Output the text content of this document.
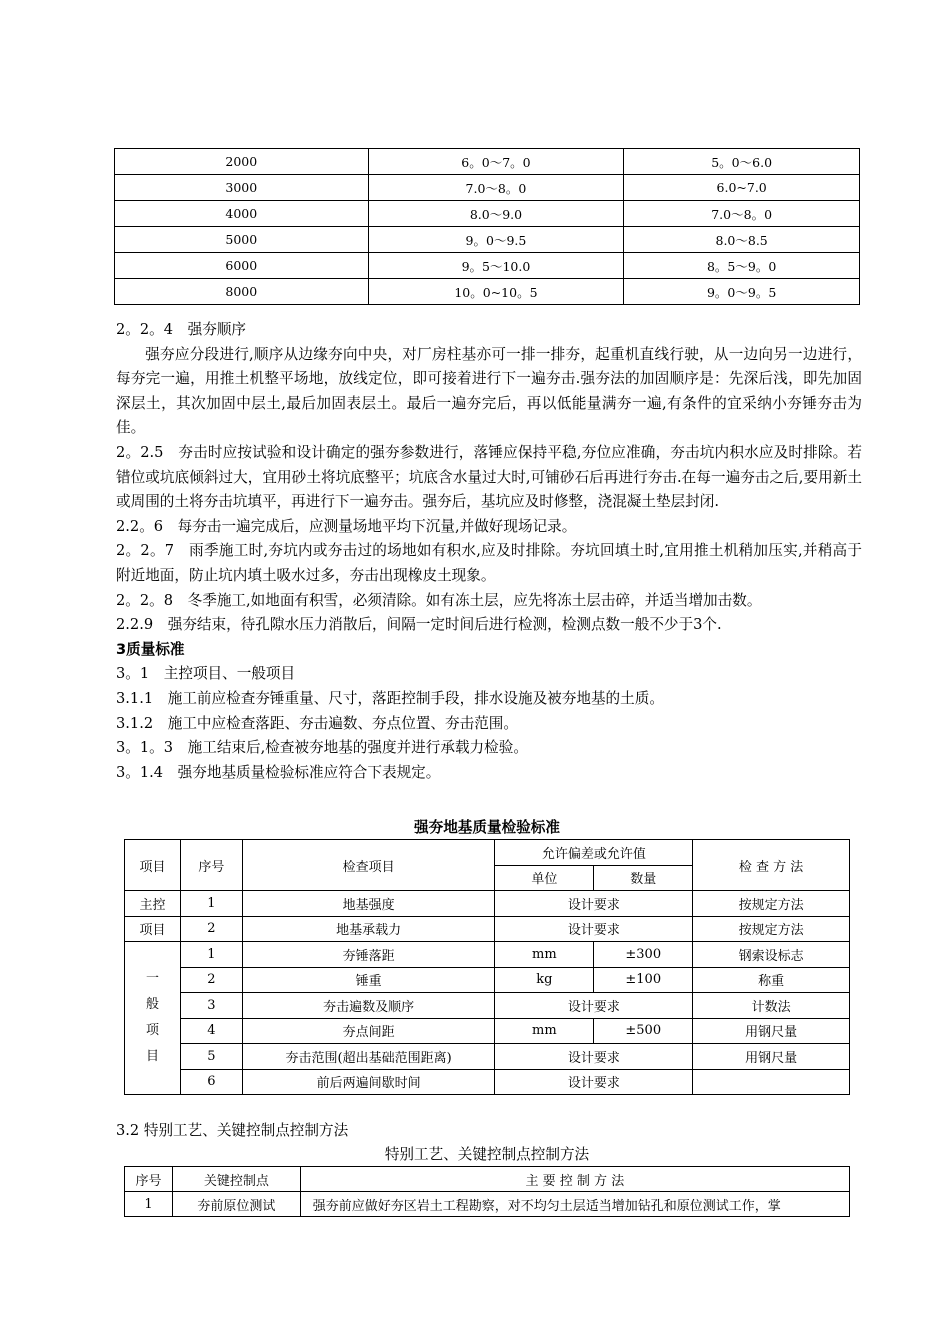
2000	6。0～7。0	5。0～6.0
3000	7.0～8。0	6.0~7.0
4000	8.0～9.0	7.0～8。0
5000	9。0～9.5	8.0～8.5
6000	9。5～10.0	8。5～9。0
8000	10。0~10。5	9。0～9。5

2。2。4　强夯顺序

强夯应分段进行,顺序从边缘夯向中央，对厂房柱基亦可一排一排夯，起重机直线行驶，从一边向另一边进行，每夯完一遍，用推土机整平场地，放线定位，即可接着进行下一遍夯击.强夯法的加固顺序是：先深后浅，即先加固深层土，其次加固中层土,最后加固表层土。最后一遍夯完后，再以低能量满夯一遍,有条件的宜采纳小夯锤夯击为佳。

2。2.5　夯击时应按试验和设计确定的强夯参数进行，落锤应保持平稳,夯位应准确，夯击坑内积水应及时排除。若错位或坑底倾斜过大，宜用砂土将坑底整平；坑底含水量过大时,可铺砂石后再进行夯击.在每一遍夯击之后,要用新土或周围的土将夯击坑填平，再进行下一遍夯击。强夯后，基坑应及时修整，浇混凝土垫层封闭.

2.2。6　每夯击一遍完成后，应测量场地平均下沉量,并做好现场记录。

2。2。7　雨季施工时,夯坑内或夯击过的场地如有积水,应及时排除。夯坑回填土时,宜用推土机稍加压实,并稍高于附近地面，防止坑内填土吸水过多，夯击出现橡皮土现象。

2。2。8　冬季施工,如地面有积雪，必须清除。如有冻土层，应先将冻土层击碎，并适当增加击数。

2.2.9　强夯结束，待孔隙水压力消散后，间隔一定时间后进行检测，检测点数一般不少于3个.

3质量标准

3。1　主控项目、一般项目

3.1.1　施工前应检查夯锤重量、尺寸，落距控制手段，排水设施及被夯地基的土质。

3.1.2　施工中应检查落距、夯击遍数、夯点位置、夯击范围。

3。1。3　施工结束后,检查被夯地基的强度并进行承载力检验。

3。1.4　强夯地基质量检验标准应符合下表规定。

强夯地基质量检验标准
项目	序号	检查项目	允许偏差或允许值		检 查 方 法
			单位	数量	
主控	1	地基强度	设计要求		按规定方法
项目	2	地基承载力	设计要求		按规定方法
一
般
项
目	1	夯锤落距	mm	±300	钢索设标志
	2	锤重	kg	±100	称重
	3	夯击遍数及顺序	设计要求		计数法
	4	夯点间距	mm	±500	用钢尺量
	5	夯击范围(超出基础范围距离)	设计要求		用钢尺量
	6	前后两遍间歇时间	设计要求		
3.2 特别工艺、关键控制点控制方法
特别工艺、关键控制点控制方法
序号	关键控制点	主 要 控 制 方 法
1	夯前原位测试	强夯前应做好夯区岩土工程勘察，对不均匀土层适当增加钻孔和原位测试工作，掌
